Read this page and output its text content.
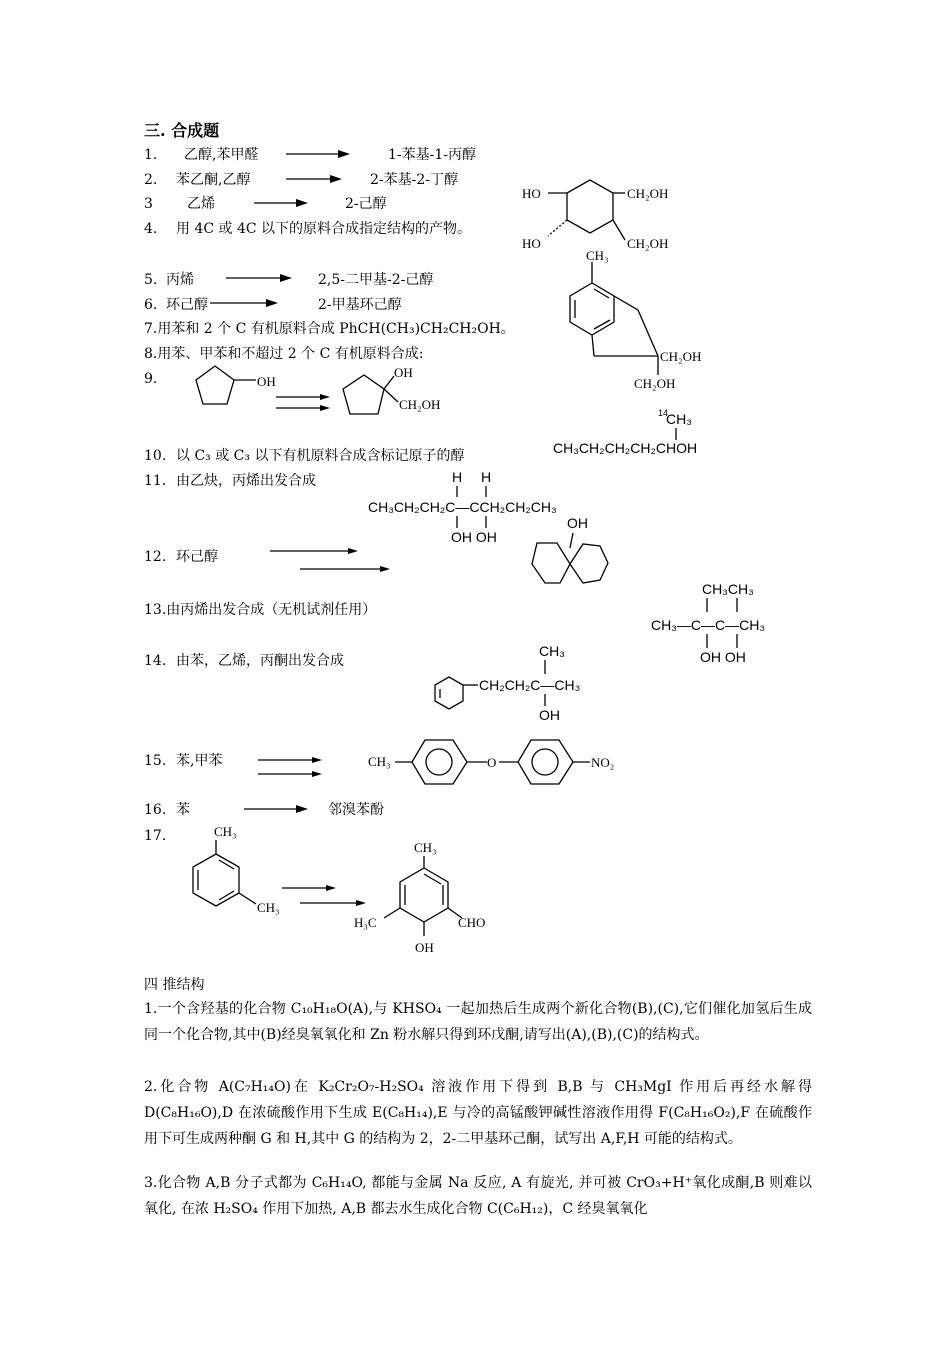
三. 合成题
1. 乙醇,苯甲醛	1-苯基-1-丙醇
2. 苯乙酮,乙醇	2-苯基-2-丁醇
3 乙烯	2-己醇
4. 用 4C 或 4C 以下的原料合成指定结构的产物。
5. 丙烯	2,5-二甲基-2-己醇
6. 环己醇	2-甲基环己醇
7.用苯和 2 个 C 有机原料合成 PhCH(CH₃)CH₂CH₂OH。
8.用苯、甲苯和不超过 2 个 C 有机原料合成:
9.
10. 以 C₃ 或 C₃ 以下有机原料合成含标记原子的醇
11. 由乙炔，丙烯出发合成
12. 环己醇
13.由丙烯出发合成（无机试剂任用）
14. 由苯，乙烯，丙酮出发合成
15. 苯,甲苯
16. 苯	邻溴苯酚
17.
四 推结构
1.一个含羟基的化合物 C₁₀H₁₈O(A),与 KHSO₄ 一起加热后生成两个新化合物(B),(C),它们催化加氢后生成同一个化合物,其中(B)经臭氧氧化和 Zn 粉水解只得到环戊酮,请写出(A),(B),(C)的结构式。
2.化合物 A(C₇H₁₄O)在 K₂Cr₂O₇-H₂SO₄ 溶液作用下得到 B,B 与 CH₃MgI 作用后再经水解得 D(C₈H₁₆O),D 在浓硫酸作用下生成 E(C₈H₁₄),E 与冷的高锰酸钾碱性溶液作用得 F(C₈H₁₆O₂),F 在硫酸作用下可生成两种酮 G 和 H,其中 G 的结构为 2，2-二甲基环己酮，试写出 A,F,H 可能的结构式。
3.化合物 A,B 分子式都为 C₆H₁₄O, 都能与金属 Na 反应, A 有旋光, 并可被 CrO₃+H⁺氧化成酮,B 则难以氧化, 在浓 H₂SO₄ 作用下加热, A,B 都去水生成化合物 C(C₆H₁₂)，C 经臭氧氧化
HO
HO
CH₂OH
CH₂OH
CH₃
CH₂OH
CH₂OH
OH
OH
CH₂OH
14
CH₃
CH₃CH₂CH₂CH₂CHOH
H H
CH₃CH₂CH₂C—CCH₂CH₂CH₃
OH OH
OH
CH₃CH₃
CH₃—C—C—CH₃
OH OH
CH₃
CH₂CH₂C—CH₃
OH
CH₃	O	NO₂
CH₃
CH₃
CH₃
H₃C	CHO
OH
